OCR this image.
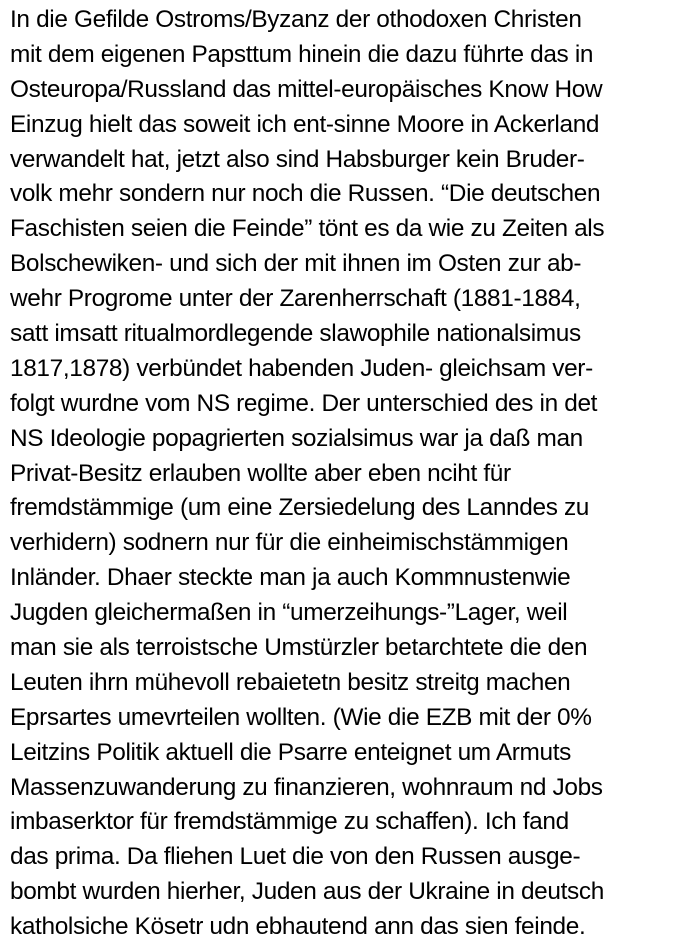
In die Gefilde Ostroms/Byzanz der othodoxen Christen
mit dem eigenen Papsttum hinein die dazu führte das in
Osteuropa/Russland das mittel-europäisches Know How
Einzug hielt das soweit ich ent-sinne Moore in Ackerland
verwandelt hat, jetzt also sind Habsburger kein Bruder-
volk mehr sondern nur noch die Russen. “Die deutschen
Faschisten seien die Feinde” tönt es da wie zu Zeiten als
Bolschewiken- und sich der mit ihnen im Osten zur ab-
wehr Progrome unter der Zarenherrschaft (1881-1884,
satt imsatt ritualmordlegende slawophile nationalsimus
1817,1878) verbündet habenden Juden- gleichsam ver-
folgt wurdne vom NS regime. Der unterschied des in det
NS Ideologie popagrierten sozialsimus war ja daß man
Privat-Besitz erlauben wollte aber eben nciht für
fremdstämmige (um eine Zersiedelung des Lanndes zu
verhidern) sodnern nur für die einheimischstämmigen
Inländer. Dhaer steckte man ja auch Kommnustenwie
Jugden gleichermaßen in “umerzeihungs-”Lager, weil
man sie als terroistsche Umstürzler betarchtete die den
Leuten ihrn mühevoll rebaietetn besitz streitg machen
Eprsartes umevrteilen wollten. (Wie die EZB mit der 0%
Leitzins Politik aktuell die Psarre enteignet um Armuts
Massenzuwanderung zu finanzieren, wohnraum nd Jobs
imbaserktor für fremdstämmige zu schaffen). Ich fand
das prima. Da fliehen Luet die von den Russen ausge-
bombt wurden hierher, Juden aus der Ukraine in deutsch
katholsiche Kösetr udn ebhautend ann das sien feinde.
